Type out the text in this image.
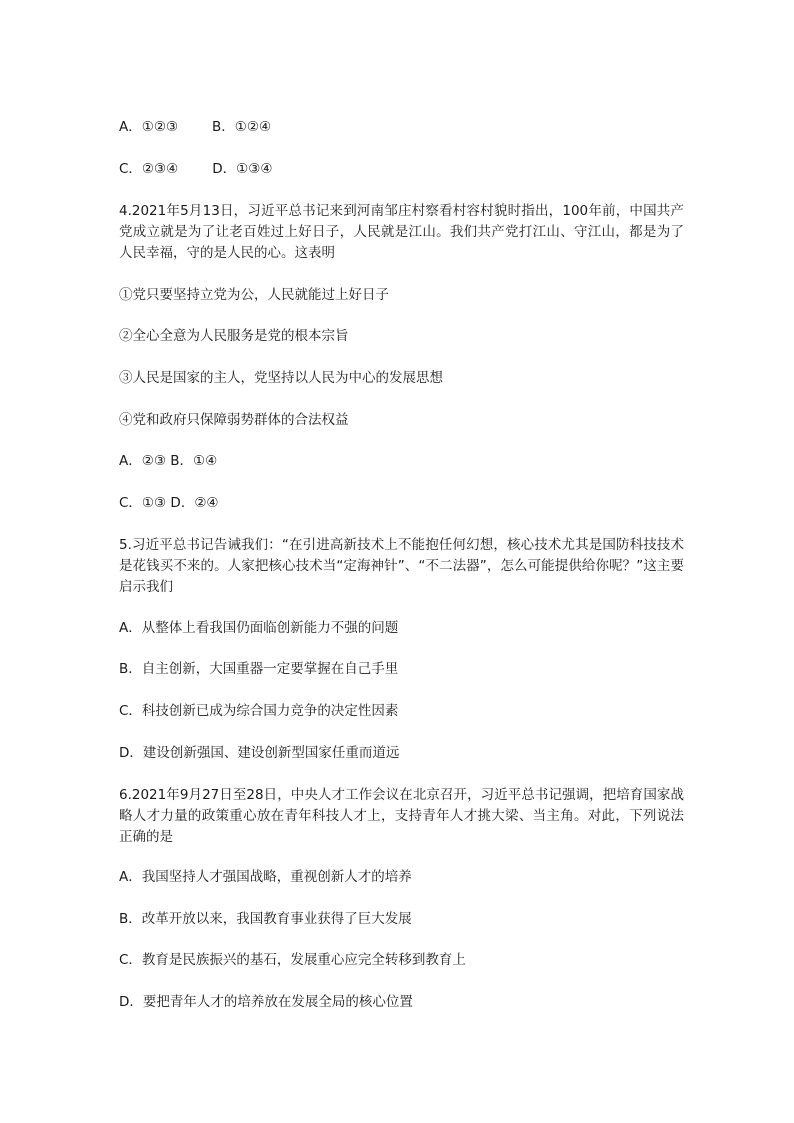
A．①②③	B．①②④
C．②③④	D．①③④
4.2021年5月13日，习近平总书记来到河南邹庄村察看村容村貌时指出，100年前，中国共产党成立就是为了让老百姓过上好日子，人民就是江山。我们共产党打江山、守江山，都是为了人民幸福，守的是人民的心。这表明
①党只要坚持立党为公，人民就能过上好日子
②全心全意为人民服务是党的根本宗旨
③人民是国家的主人，党坚持以人民为中心的发展思想
④党和政府只保障弱势群体的合法权益
A．②③ B．①④
C．①③ D．②④
5.习近平总书记告诫我们：“在引进高新技术上不能抱任何幻想，核心技术尤其是国防科技技术是花钱买不来的。人家把核心技术当“定海神针”、“不二法器”，怎么可能提供给你呢？”这主要启示我们
A．从整体上看我国仍面临创新能力不强的问题
B．自主创新，大国重器一定要掌握在自己手里
C．科技创新已成为综合国力竞争的决定性因素
D．建设创新强国、建设创新型国家任重而道远
6.2021年9月27日至28日，中央人才工作会议在北京召开，习近平总书记强调，把培育国家战略人才力量的政策重心放在青年科技人才上，支持青年人才挑大梁、当主角。对此，下列说法正确的是
A．我国坚持人才强国战略，重视创新人才的培养
B．改革开放以来，我国教育事业获得了巨大发展
C．教育是民族振兴的基石，发展重心应完全转移到教育上
D．要把青年人才的培养放在发展全局的核心位置
